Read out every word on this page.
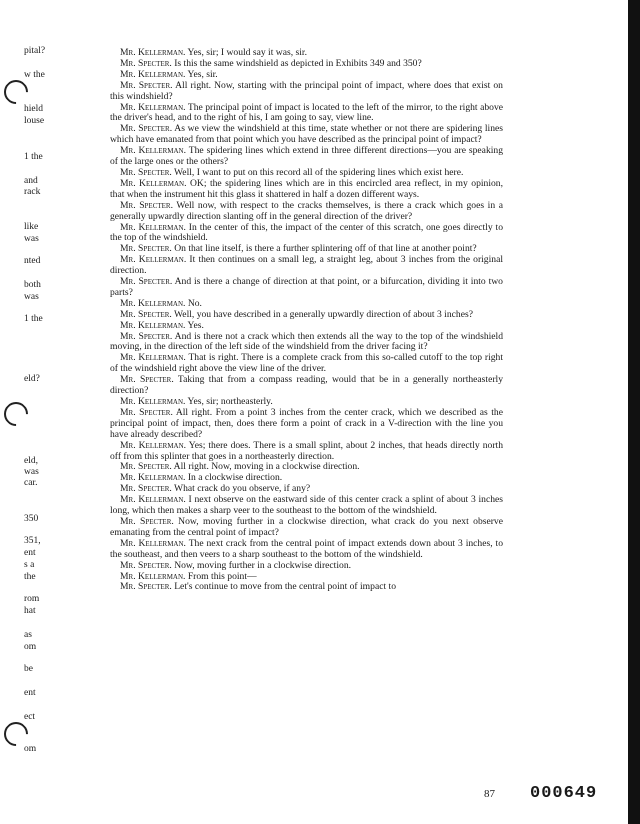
pital?
w the
hield
louse
1 the
and
rack
like
was
nted
both
was
1 the
eld?
eld,
was
car.
350
351,
ent
s a
the
rom
hat
as
om
be
ent
ect
om

Mr. Kellerman. Yes, sir; I would say it was, sir.

Mr. Specter. Is this the same windshield as depicted in Exhibits 349 and 350?

Mr. Kellerman. Yes, sir.

Mr. Specter. All right. Now, starting with the principal point of impact, where does that exist on this windshield?

Mr. Kellerman. The principal point of impact is located to the left of the mirror, to the right above the driver's head, and to the right of his, I am going to say, view line.

Mr. Specter. As we view the windshield at this time, state whether or not there are spidering lines which have emanated from that point which you have described as the principal point of impact?

Mr. Kellerman. The spidering lines which extend in three different directions—you are speaking of the large ones or the others?

Mr. Specter. Well, I want to put on this record all of the spidering lines which exist here.

Mr. Kellerman. OK; the spidering lines which are in this encircled area reflect, in my opinion, that when the instrument hit this glass it shattered in half a dozen different ways.

Mr. Specter. Well now, with respect to the cracks themselves, is there a crack which goes in a generally upwardly direction slanting off in the general direction of the driver?

Mr. Kellerman. In the center of this, the impact of the center of this scratch, one goes directly to the top of the windshield.

Mr. Specter. On that line itself, is there a further splintering off of that line at another point?

Mr. Kellerman. It then continues on a small leg, a straight leg, about 3 inches from the original direction.

Mr. Specter. And is there a change of direction at that point, or a bifurcation, dividing it into two parts?

Mr. Kellerman. No.

Mr. Specter. Well, you have described in a generally upwardly direction of about 3 inches?

Mr. Kellerman. Yes.

Mr. Specter. And is there not a crack which then extends all the way to the top of the windshield moving, in the direction of the left side of the windshield from the driver facing it?

Mr. Kellerman. That is right. There is a complete crack from this so-called cutoff to the top right of the windshield right above the view line of the driver.

Mr. Specter. Taking that from a compass reading, would that be in a generally northeasterly direction?

Mr. Kellerman. Yes, sir; northeasterly.

Mr. Specter. All right. From a point 3 inches from the center crack, which we described as the principal point of impact, then, does there form a point of crack in a V-direction with the line you have already described?

Mr. Kellerman. Yes; there does. There is a small splint, about 2 inches, that heads directly north off from this splinter that goes in a northeasterly direction.

Mr. Specter. All right. Now, moving in a clockwise direction.

Mr. Kellerman. In a clockwise direction.

Mr. Specter. What crack do you observe, if any?

Mr. Kellerman. I next observe on the eastward side of this center crack a splint of about 3 inches long, which then makes a sharp veer to the southeast to the bottom of the windshield.

Mr. Specter. Now, moving further in a clockwise direction, what crack do you next observe emanating from the central point of impact?

Mr. Kellerman. The next crack from the central point of impact extends down about 3 inches, to the southeast, and then veers to a sharp southeast to the bottom of the windshield.

Mr. Specter. Now, moving further in a clockwise direction.

Mr. Kellerman. From this point—

Mr. Specter. Let's continue to move from the central point of impact to

87 000649
